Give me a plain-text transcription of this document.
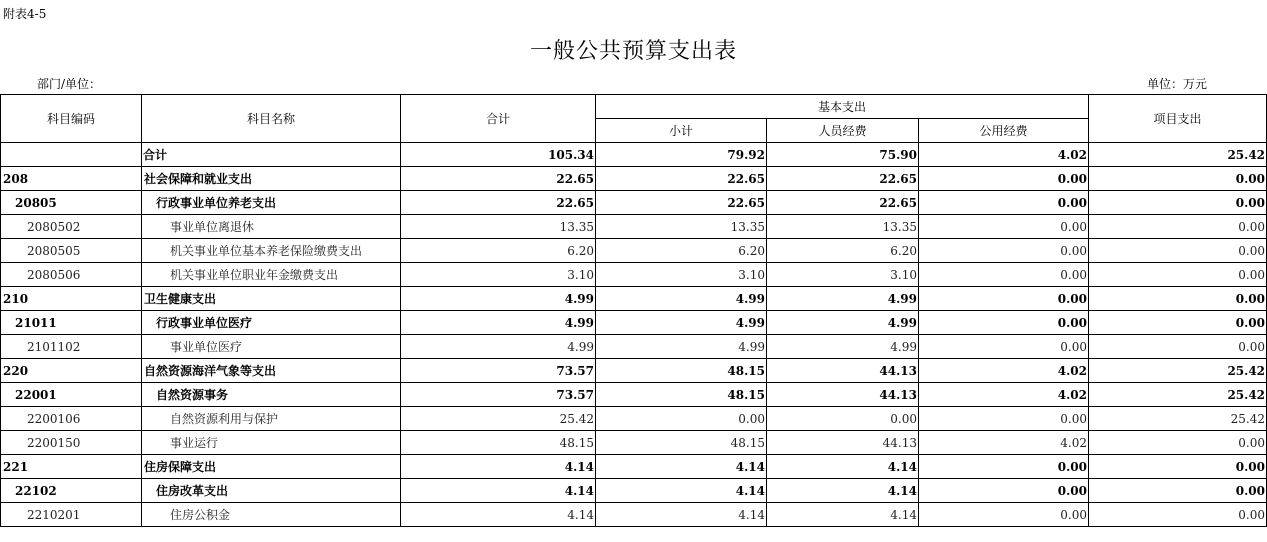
附表4-5
一般公共预算支出表
部门/单位：	单位：万元
科目编码	科目名称	合计	基本支出			项目支出
			小计	人员经费	公用经费	
	合计	105.34	79.92	75.90	4.02	25.42
208	社会保障和就业支出	22.65	22.65	22.65	0.00	0.00
20805	行政事业单位养老支出	22.65	22.65	22.65	0.00	0.00
2080502	事业单位离退休	13.35	13.35	13.35	0.00	0.00
2080505	机关事业单位基本养老保险缴费支出	6.20	6.20	6.20	0.00	0.00
2080506	机关事业单位职业年金缴费支出	3.10	3.10	3.10	0.00	0.00
210	卫生健康支出	4.99	4.99	4.99	0.00	0.00
21011	行政事业单位医疗	4.99	4.99	4.99	0.00	0.00
2101102	事业单位医疗	4.99	4.99	4.99	0.00	0.00
220	自然资源海洋气象等支出	73.57	48.15	44.13	4.02	25.42
22001	自然资源事务	73.57	48.15	44.13	4.02	25.42
2200106	自然资源利用与保护	25.42	0.00	0.00	0.00	25.42
2200150	事业运行	48.15	48.15	44.13	4.02	0.00
221	住房保障支出	4.14	4.14	4.14	0.00	0.00
22102	住房改革支出	4.14	4.14	4.14	0.00	0.00
2210201	住房公积金	4.14	4.14	4.14	0.00	0.00
